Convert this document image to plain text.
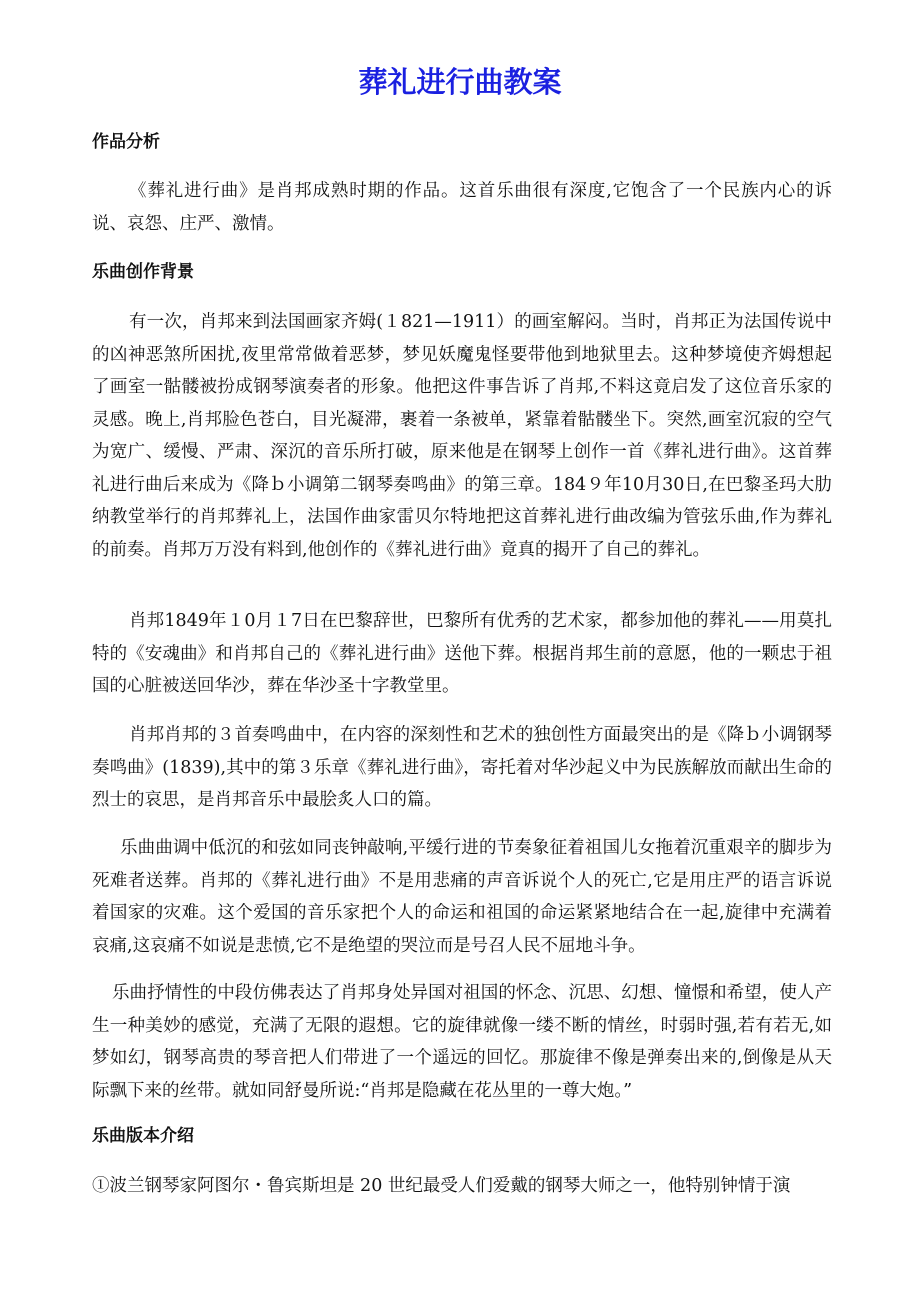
葬礼进行曲教案
作品分析

《葬礼进行曲》是肖邦成熟时期的作品。这首乐曲很有深度,它饱含了一个民族内心的诉说、哀怨、庄严、激情。

乐曲创作背景

有一次，肖邦来到法国画家齐姆(１821—1911）的画室解闷。当时，肖邦正为法国传说中的凶神恶煞所困扰,夜里常常做着恶梦，梦见妖魔鬼怪要带他到地狱里去。这种梦境使齐姆想起了画室一骷髅被扮成钢琴演奏者的形象。他把这件事告诉了肖邦,不料这竟启发了这位音乐家的灵感。晚上,肖邦脸色苍白，目光凝滞，裹着一条被单，紧靠着骷髅坐下。突然,画室沉寂的空气为宽广、缓慢、严肃、深沉的音乐所打破，原来他是在钢琴上创作一首《葬礼进行曲》。这首葬礼进行曲后来成为《降ｂ小调第二钢琴奏鸣曲》的第三章。184９年10月30日,在巴黎圣玛大肋纳教堂举行的肖邦葬礼上，法国作曲家雷贝尔特地把这首葬礼进行曲改编为管弦乐曲,作为葬礼的前奏。肖邦万万没有料到,他创作的《葬礼进行曲》竟真的揭开了自己的葬礼。

肖邦1849年１0月１7日在巴黎辞世，巴黎所有优秀的艺术家，都参加他的葬礼——用莫扎特的《安魂曲》和肖邦自己的《葬礼进行曲》送他下葬。根据肖邦生前的意愿，他的一颗忠于祖国的心脏被送回华沙，葬在华沙圣十字教堂里。

肖邦肖邦的３首奏鸣曲中，在内容的深刻性和艺术的独创性方面最突出的是《降ｂ小调钢琴奏鸣曲》(1839),其中的第３乐章《葬礼进行曲》，寄托着对华沙起义中为民族解放而献出生命的烈士的哀思，是肖邦音乐中最脍炙人口的篇。

乐曲曲调中低沉的和弦如同丧钟敲响,平缓行进的节奏象征着祖国儿女拖着沉重艰辛的脚步为死难者送葬。肖邦的《葬礼进行曲》不是用悲痛的声音诉说个人的死亡,它是用庄严的语言诉说着国家的灾难。这个爱国的音乐家把个人的命运和祖国的命运紧紧地结合在一起,旋律中充满着哀痛,这哀痛不如说是悲愤,它不是绝望的哭泣而是号召人民不屈地斗争。

乐曲抒情性的中段仿佛表达了肖邦身处异国对祖国的怀念、沉思、幻想、憧憬和希望，使人产生一种美妙的感觉，充满了无限的遐想。它的旋律就像一缕不断的情丝，时弱时强,若有若无,如梦如幻，钢琴高贵的琴音把人们带进了一个遥远的回忆。那旋律不像是弹奏出来的,倒像是从天际飘下来的丝带。就如同舒曼所说:“肖邦是隐藏在花丛里的一尊大炮。”

乐曲版本介绍

①波兰钢琴家阿图尔・鲁宾斯坦是 20 世纪最受人们爱戴的钢琴大师之一，他特别钟情于演
